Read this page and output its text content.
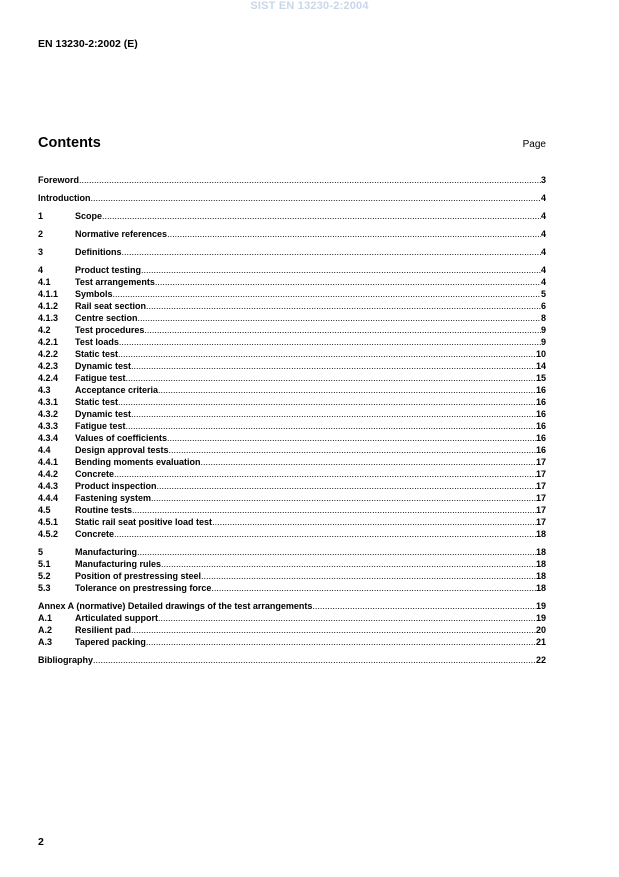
SIST EN 13230-2:2004
EN 13230-2:2002 (E)
Contents	Page
Foreword .....	3
Introduction .....	4
1	Scope .....	4
2	Normative references .....	4
3	Definitions .....	4
4	Product testing .....	4
4.1	Test arrangements .....	4
4.1.1	Symbols .....	5
4.1.2	Rail seat section .....	6
4.1.3	Centre section .....	8
4.2	Test procedures .....	9
4.2.1	Test loads .....	9
4.2.2	Static test .....	10
4.2.3	Dynamic test .....	14
4.2.4	Fatigue test .....	15
4.3	Acceptance criteria .....	16
4.3.1	Static test .....	16
4.3.2	Dynamic test .....	16
4.3.3	Fatigue test .....	16
4.3.4	Values of coefficients .....	16
4.4	Design approval tests .....	16
4.4.1	Bending moments evaluation .....	17
4.4.2	Concrete .....	17
4.4.3	Product inspection .....	17
4.4.4	Fastening system .....	17
4.5	Routine tests .....	17
4.5.1	Static rail seat positive load test .....	17
4.5.2	Concrete .....	18
5	Manufacturing .....	18
5.1	Manufacturing rules .....	18
5.2	Position of prestressing steel .....	18
5.3	Tolerance on prestressing force .....	18
Annex A (normative) Detailed drawings of the test arrangements .....	19
A.1	Articulated support .....	19
A.2	Resilient pad .....	20
A.3	Tapered packing .....	21
Bibliography .....	22
2
